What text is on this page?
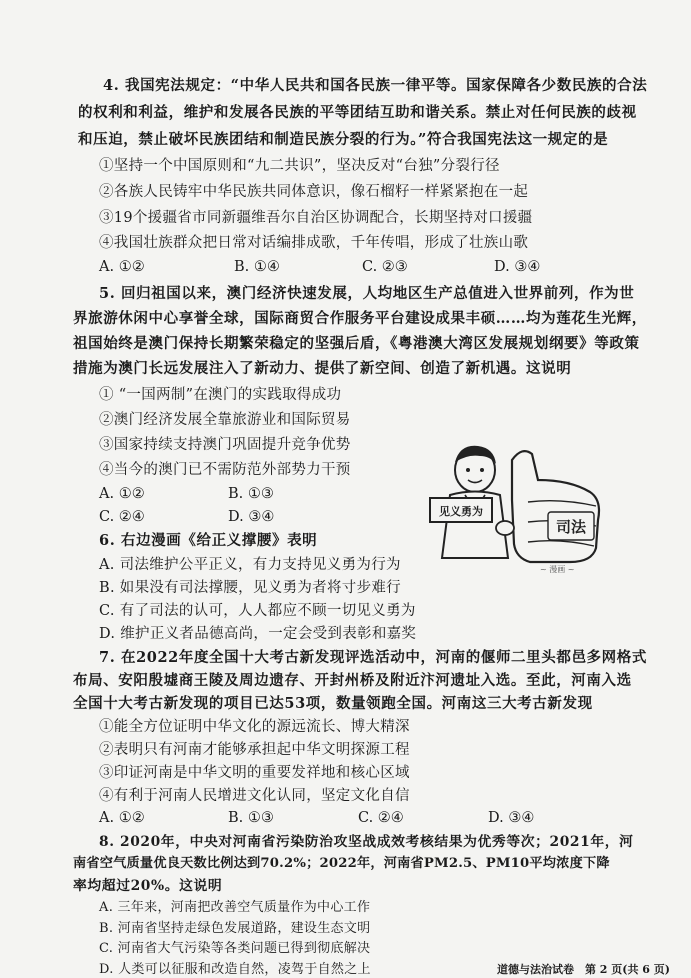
4. 我国宪法规定：“中华人民共和国各民族一律平等。国家保障各少数民族的合法
的权利和利益，维护和发展各民族的平等团结互助和谐关系。禁止对任何民族的歧视
和压迫，禁止破坏民族团结和制造民族分裂的行为。”符合我国宪法这一规定的是
①坚持一个中国原则和“九二共识”，坚决反对“台独”分裂行径
②各族人民铸牢中华民族共同体意识，像石榴籽一样紧紧抱在一起
③19个援疆省市同新疆维吾尔自治区协调配合，长期坚持对口援疆
④我国壮族群众把日常对话编排成歌，千年传唱，形成了壮族山歌
A. ①②	B. ①④	C. ②③	D. ③④
5. 回归祖国以来，澳门经济快速发展，人均地区生产总值进入世界前列，作为世
界旅游休闲中心享誉全球，国际商贸合作服务平台建设成果丰硕……均为莲花生光辉，
祖国始终是澳门保持长期繁荣稳定的坚强后盾，《粤港澳大湾区发展规划纲要》等政策
措施为澳门长远发展注入了新动力、提供了新空间、创造了新机遇。这说明
① “一国两制”在澳门的实践取得成功
②澳门经济发展全靠旅游业和国际贸易
③国家持续支持澳门巩固提升竞争优势
④当今的澳门已不需防范外部势力干预
A. ①②	B. ①③
C. ②④	D. ③④
6. 右边漫画《给正义撑腰》表明
A. 司法维护公平正义，有力支持见义勇为行为
B. 如果没有司法撑腰，见义勇为者将寸步难行
C. 有了司法的认可，人人都应不顾一切见义勇为
D. 维护正义者品德高尚，一定会受到表彰和嘉奖
见义勇为
司法
~ 漫画 ~
7. 在2022年度全国十大考古新发现评选活动中，河南的偃师二里头都邑多网格式
布局、安阳殷墟商王陵及周边遗存、开封州桥及附近汴河遗址入选。至此，河南入选
全国十大考古新发现的项目已达53项，数量领跑全国。河南这三大考古新发现
①能全方位证明中华文化的源远流长、博大精深
②表明只有河南才能够承担起中华文明探源工程
③印证河南是中华文明的重要发祥地和核心区域
④有利于河南人民增进文化认同，坚定文化自信
A. ①②	B. ①③	C. ②④	D. ③④
8. 2020年，中央对河南省污染防治攻坚战成效考核结果为优秀等次；2021年，河
南省空气质量优良天数比例达到70.2%；2022年，河南省PM2.5、PM10平均浓度下降
率均超过20%。这说明
A. 三年来，河南把改善空气质量作为中心工作
B. 河南省坚持走绿色发展道路，建设生态文明
C. 河南省大气污染等各类问题已得到彻底解决
D. 人类可以征服和改造自然，凌驾于自然之上	道德与法治试卷　第 2 页(共 6 页)
